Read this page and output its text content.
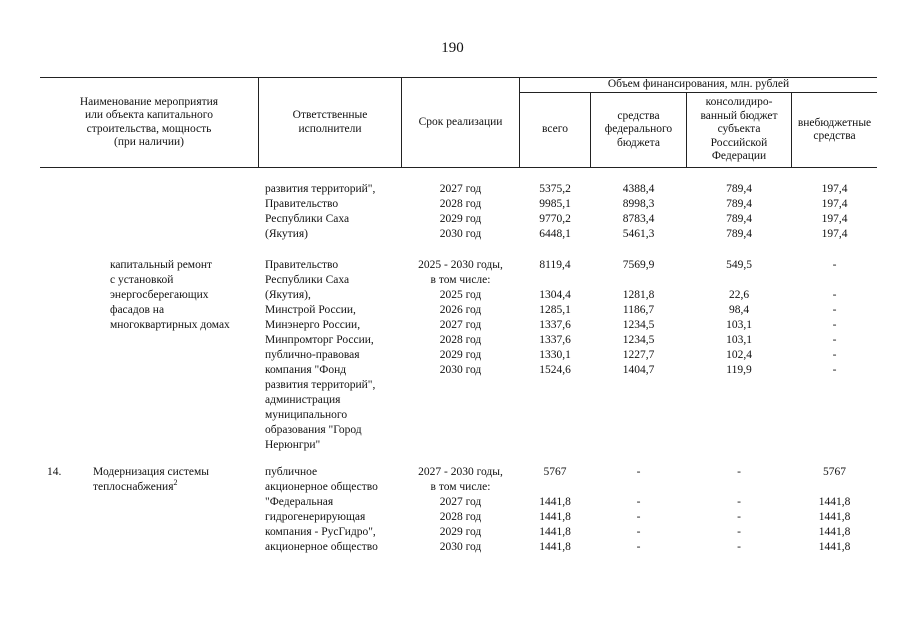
190
Наименование мероприятия
или объекта капитального
строительства, мощность
(при наличии)
Ответственные
исполнители
Срок реализации
Объем финансирования, млн. рублей
всего
средства
федерального
бюджета
консолидиро-
ванный бюджет
субъекта
Российской
Федерации
внебюджетные
средства
развития территорий",
Правительство
Республики Саха
(Якутия)
2027 год
2028 год
2029 год
2030 год
5375,2
9985,1
9770,2
6448,1
4388,4
8998,3
8783,4
5461,3
789,4
789,4
789,4
789,4
197,4
197,4
197,4
197,4
капитальный ремонт
с установкой
энергосберегающих
фасадов на
многоквартирных домах
Правительство
Республики Саха
(Якутия),
Минстрой России,
Минэнерго России,
Минпромторг России,
публично-правовая
компания "Фонд
развития территорий",
администрация
муниципального
образования "Город
Нерюнгри"
2025 - 2030 годы,
в том числе:
2025 год
2026 год
2027 год
2028 год
2029 год
2030 год
8119,4

1304,4
1285,1
1337,6
1337,6
1330,1
1524,6
7569,9

1281,8
1186,7
1234,5
1234,5
1227,7
1404,7
549,5

22,6
98,4
103,1
103,1
102,4
119,9
-

-
-
-
-
-
-
14.	Модернизация системы
теплоснабжения$^2$
публичное
акционерное общество
"Федеральная
гидрогенерирующая
компания - РусГидро",
акционерное общество
2027 - 2030 годы,
в том числе:
2027 год
2028 год
2029 год
2030 год
5767

1441,8
1441,8
1441,8
1441,8
-

-
-
-
-
-

-
-
-
-
5767

1441,8
1441,8
1441,8
1441,8
